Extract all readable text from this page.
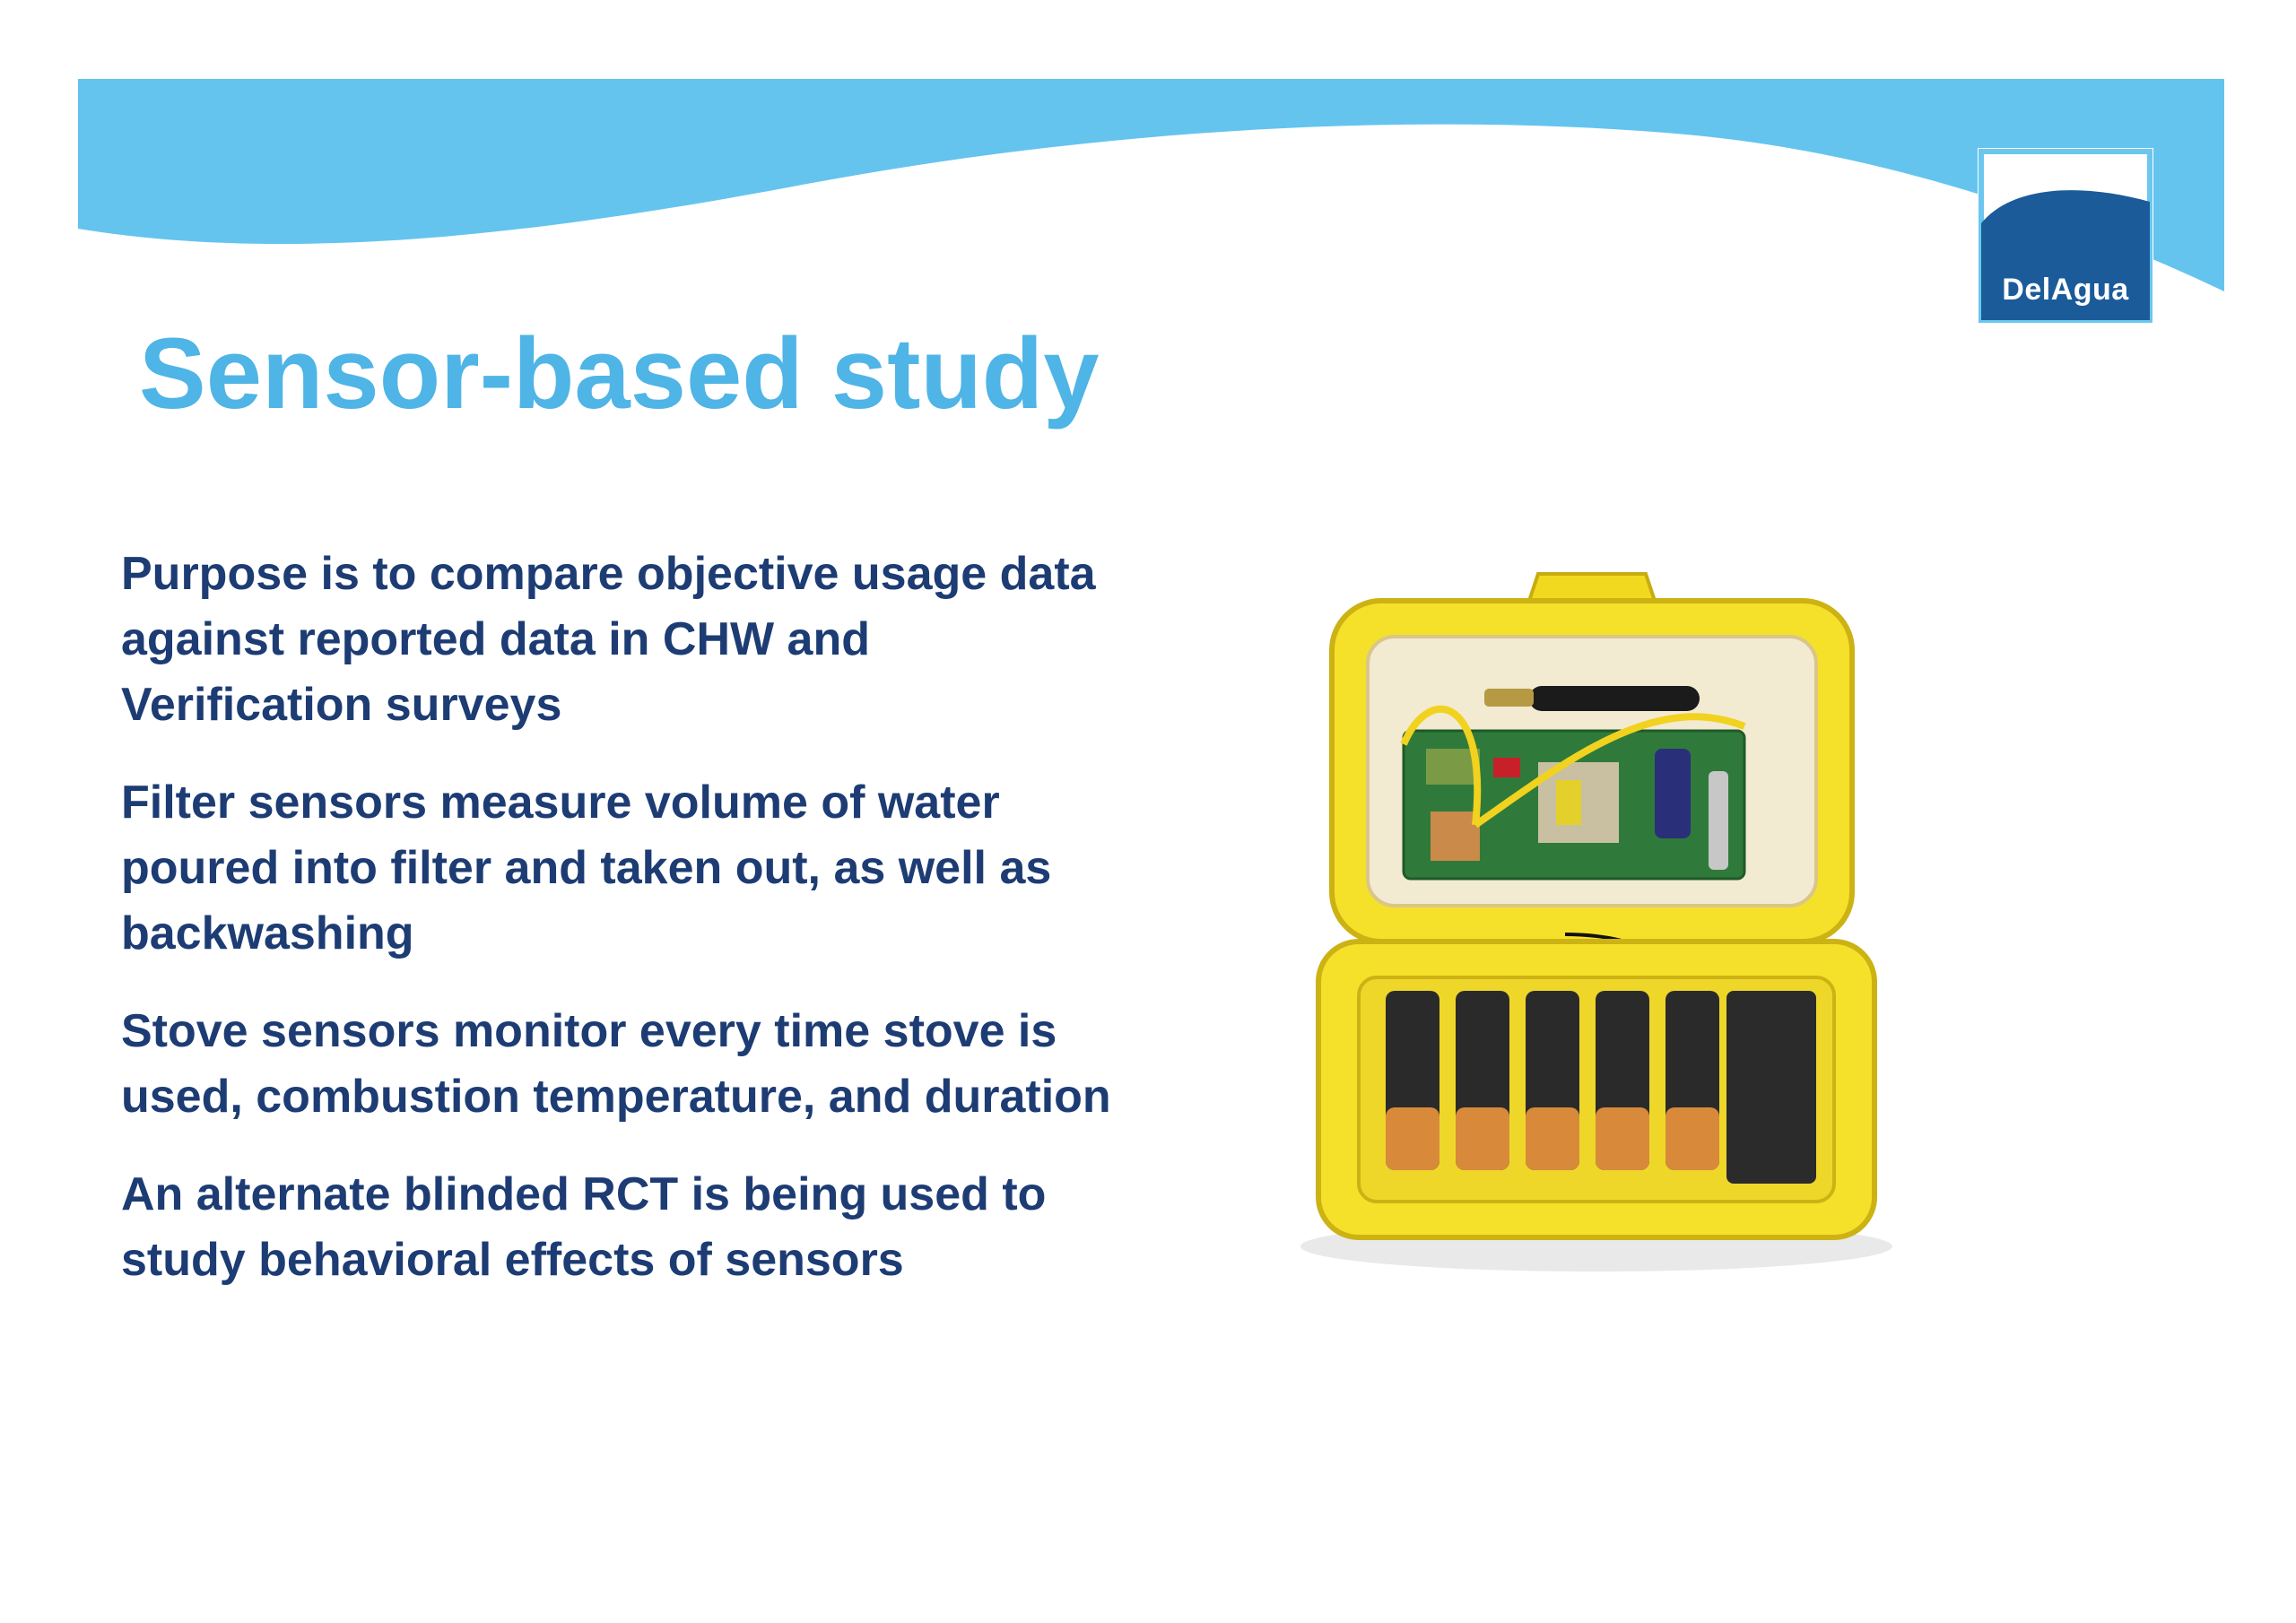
DelAgua
Sensor-based study
Purpose is to compare objective usage data against reported data in CHW and Verification surveys
Filter sensors measure volume of water poured into filter and taken out, as well as backwashing
Stove sensors monitor every time stove is used, combustion temperature, and duration
An alternate blinded RCT is being used to study behavioral effects of sensors
